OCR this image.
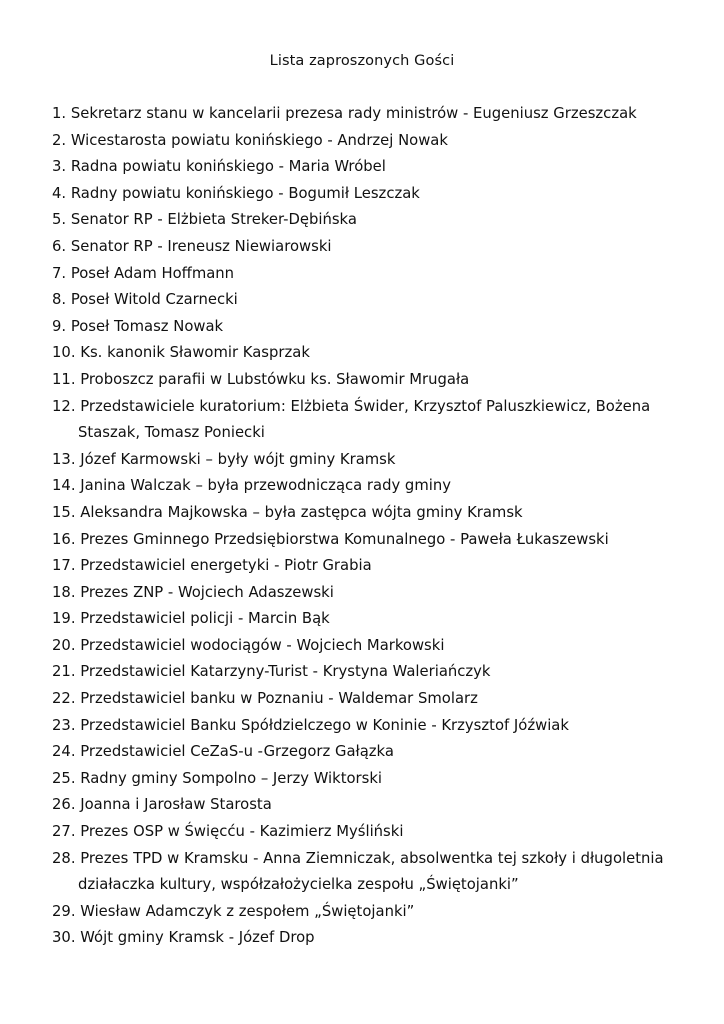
Lista zaproszonych Gości
1. Sekretarz stanu w kancelarii prezesa rady ministrów - Eugeniusz Grzeszczak
2. Wicestarosta powiatu konińskiego - Andrzej Nowak
3. Radna powiatu konińskiego - Maria Wróbel
4. Radny powiatu konińskiego - Bogumił Leszczak
5. Senator RP - Elżbieta Streker-Dębińska
6. Senator RP - Ireneusz Niewiarowski
7. Poseł Adam Hoffmann
8. Poseł Witold Czarnecki
9. Poseł Tomasz Nowak
10. Ks. kanonik Sławomir Kasprzak
11. Proboszcz parafii w Lubstówku ks. Sławomir Mrugała
12. Przedstawiciele kuratorium: Elżbieta Świder, Krzysztof Paluszkiewicz, Bożena Staszak, Tomasz Poniecki
13. Józef Karmowski – były wójt gminy Kramsk
14. Janina Walczak – była przewodnicząca rady gminy
15. Aleksandra Majkowska – była zastępca wójta gminy Kramsk
16. Prezes Gminnego Przedsiębiorstwa Komunalnego - Paweła Łukaszewski
17. Przedstawiciel energetyki - Piotr Grabia
18. Prezes ZNP - Wojciech Adaszewski
19. Przedstawiciel policji - Marcin Bąk
20. Przedstawiciel wodociągów - Wojciech Markowski
21. Przedstawiciel Katarzyny-Turist - Krystyna Waleriańczyk
22. Przedstawiciel banku w Poznaniu - Waldemar Smolarz
23. Przedstawiciel Banku Spółdzielczego w Koninie - Krzysztof Jóźwiak
24. Przedstawiciel CeZaS-u -Grzegorz Gałązka
25. Radny gminy Sompolno – Jerzy Wiktorski
26. Joanna i Jarosław Starosta
27. Prezes OSP w Święcću - Kazimierz Myśliński
28. Prezes TPD w Kramsku - Anna Ziemniczak, absolwentka tej szkoły i długoletnia działaczka kultury, współzałożycielka zespołu „Świętojanki”
29. Wiesław Adamczyk z zespołem „Świętojanki”
30. Wójt gminy Kramsk - Józef Drop
